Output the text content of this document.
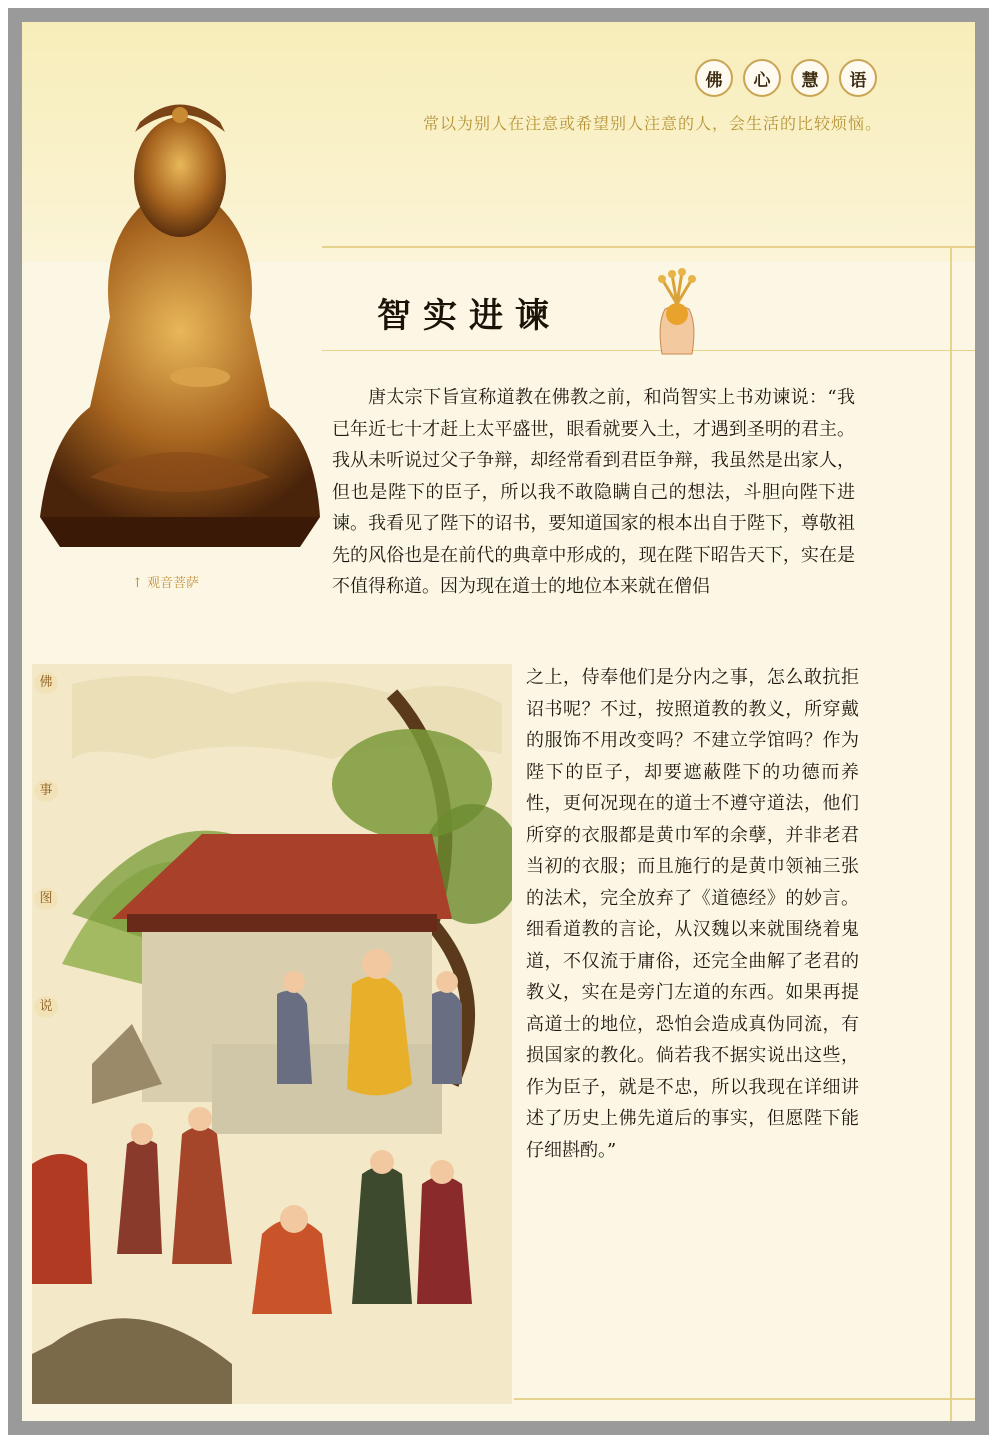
佛	心	慧	语
常以为别人在注意或希望别人注意的人，会生活的比较烦恼。
↑ 观音菩萨
智实进谏
唐太宗下旨宣称道教在佛教之前，和尚智实上书劝谏说：“我已年近七十才赶上太平盛世，眼看就要入土，才遇到圣明的君主。我从未听说过父子争辩，却经常看到君臣争辩，我虽然是出家人，但也是陛下的臣子，所以我不敢隐瞒自己的想法，斗胆向陛下进谏。我看见了陛下的诏书，要知道国家的根本出自于陛下，尊敬祖先的风俗也是在前代的典章中形成的，现在陛下昭告天下，实在是不值得称道。因为现在道士的地位本来就在僧侣
之上，侍奉他们是分内之事，怎么敢抗拒诏书呢？不过，按照道教的教义，所穿戴的服饰不用改变吗？不建立学馆吗？作为陛下的臣子，却要遮蔽陛下的功德而养性，更何况现在的道士不遵守道法，他们所穿的衣服都是黄巾军的余孽，并非老君当初的衣服；而且施行的是黄巾领袖三张的法术，完全放弃了《道德经》的妙言。细看道教的言论，从汉魏以来就围绕着鬼道，不仅流于庸俗，还完全曲解了老君的教义，实在是旁门左道的东西。如果再提高道士的地位，恐怕会造成真伪同流，有损国家的教化。倘若我不据实说出这些，作为臣子，就是不忠，所以我现在详细讲述了历史上佛先道后的事实，但愿陛下能仔细斟酌。”
佛
事
图
说
